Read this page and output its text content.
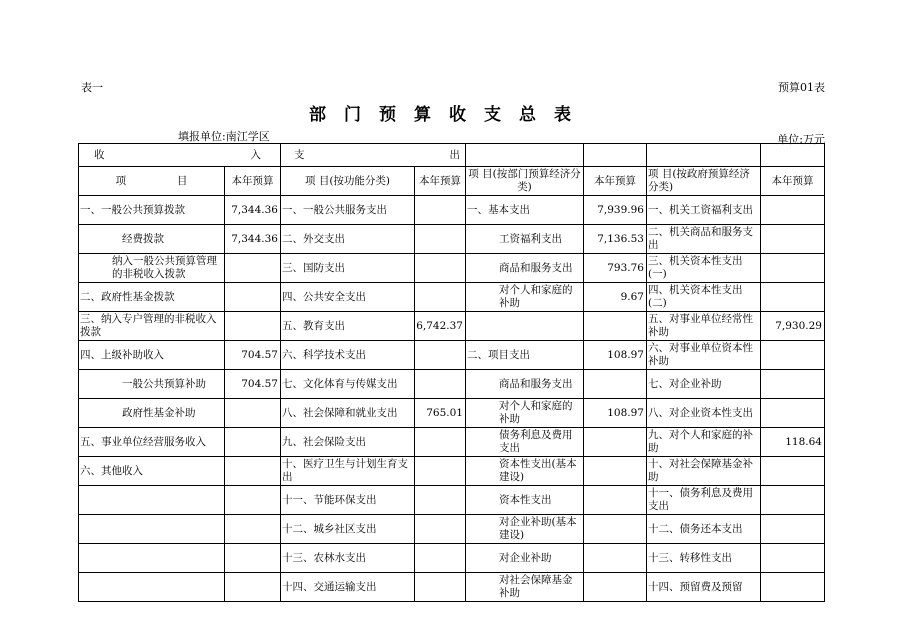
表一	预算01表
部门预算收支总表
填报单位:南江学区	单位:万元
收 入		支 出					

项 目	本年预算	项 目(按功能分类)	本年预算	项 目(按部门预算经济分类)	本年预算	项 目(按政府预算经济分类)	本年预算
一、一般公共预算拨款	7,344.36	一、一般公共服务支出		一、基本支出	7,939.96	一、机关工资福利支出	
经费拨款	7,344.36	二、外交支出		工资福利支出	7,136.53	二、机关商品和服务支出	
纳入一般公共预算管理的非税收入拨款		三、国防支出		商品和服务支出	793.76	三、机关资本性支出(一)	
二、政府性基金拨款		四、公共安全支出		对个人和家庭的补助	9.67	四、机关资本性支出(二)	
三、纳入专户管理的非税收入拨款		五、教育支出	6,742.37			五、对事业单位经常性补助	7,930.29
四、上级补助收入	704.57	六、科学技术支出		二、项目支出	108.97	六、对事业单位资本性补助	
一般公共预算补助	704.57	七、文化体育与传媒支出		商品和服务支出		七、对企业补助	
政府性基金补助		八、社会保障和就业支出	765.01	对个人和家庭的补助	108.97	八、对企业资本性支出	
五、事业单位经营服务收入		九、社会保险支出		债务利息及费用支出		九、对个人和家庭的补助	118.64
六、其他收入		十、医疗卫生与计划生育支出		资本性支出(基本建设)		十、对社会保障基金补助	
		十一、节能环保支出		资本性支出		十一、债务利息及费用支出	
		十二、城乡社区支出		对企业补助(基本建设)		十二、债务还本支出	
		十三、农林水支出		对企业补助		十三、转移性支出	
		十四、交通运输支出		对社会保障基金补助		十四、预留费及预留	
